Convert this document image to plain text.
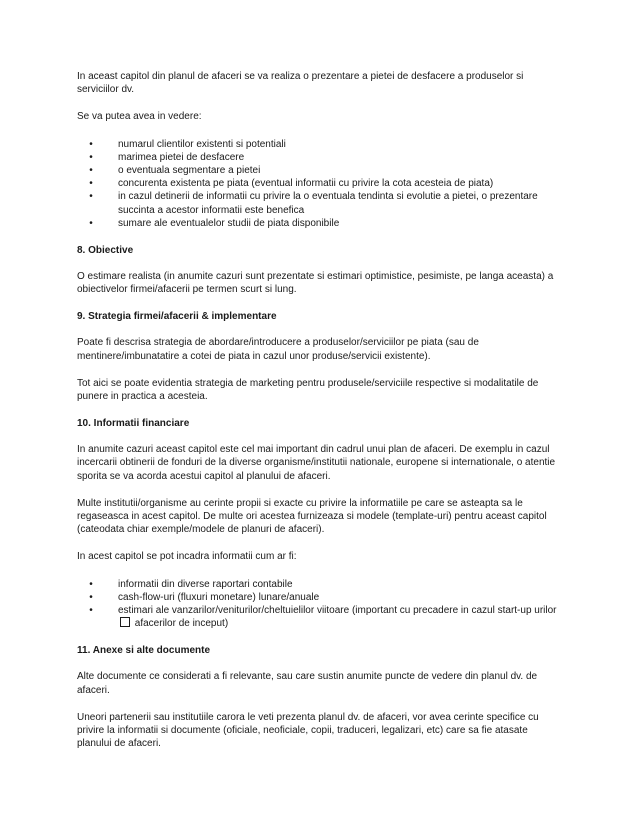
In aceast capitol din planul de afaceri se va realiza o prezentare a pietei de desfacere a produselor si serviciilor dv.

Se va putea avea in vedere:

•	numarul clientilor existenti si potentiali
•	marimea pietei de desfacere
•	o eventuala segmentare a pietei
•	concurenta existenta pe piata (eventual informatii cu privire la cota acesteia de piata)
•	in cazul detinerii de informatii cu privire la o eventuala tendinta si evolutie a pietei, o prezentare succinta a acestor informatii este benefica
•	sumare ale eventualelor studii de piata disponibile
8. Obiective

O estimare realista (in anumite cazuri sunt prezentate si estimari optimistice, pesimiste, pe langa aceasta) a obiectivelor firmei/afacerii pe termen scurt si lung.

9. Strategia firmei/afacerii & implementare

Poate fi descrisa strategia de abordare/introducere a produselor/serviciilor pe piata (sau de mentinere/imbunatatire a cotei de piata in cazul unor produse/servicii existente).

Tot aici se poate evidentia strategia de marketing pentru produsele/serviciile respective si modalitatile de punere in practica a acesteia.

10. Informatii financiare

In anumite cazuri aceast capitol este cel mai important din cadrul unui plan de afaceri. De exemplu in cazul incercarii obtinerii de fonduri de la diverse organisme/institutii nationale, europene si internationale, o atentie sporita se va acorda acestui capitol al planului de afaceri.

Multe institutii/organisme au cerinte propii si exacte cu privire la informatiile pe care se asteapta sa le regaseasca in acest capitol. De multe ori acestea furnizeaza si modele (template-uri) pentru aceast capitol (cateodata chiar exemple/modele de planuri de afaceri).

In acest capitol se pot incadra informatii cum ar fi:

•	informatii din diverse raportari contabile
•	cash-flow-uri (fluxuri monetare) lunare/anuale
•	estimari ale vanzarilor/veniturilor/cheltuielilor viitoare (important cu precadere in cazul start-up urilor  afacerilor de inceput)
11. Anexe si alte documente

Alte documente ce considerati a fi relevante, sau care sustin anumite puncte de vedere din planul dv. de afaceri.

Uneori partenerii sau institutiile carora le veti prezenta planul dv. de afaceri, vor avea cerinte specifice cu privire la informatii si documente (oficiale, neoficiale, copii, traduceri, legalizari, etc) care sa fie atasate planului de afaceri.
